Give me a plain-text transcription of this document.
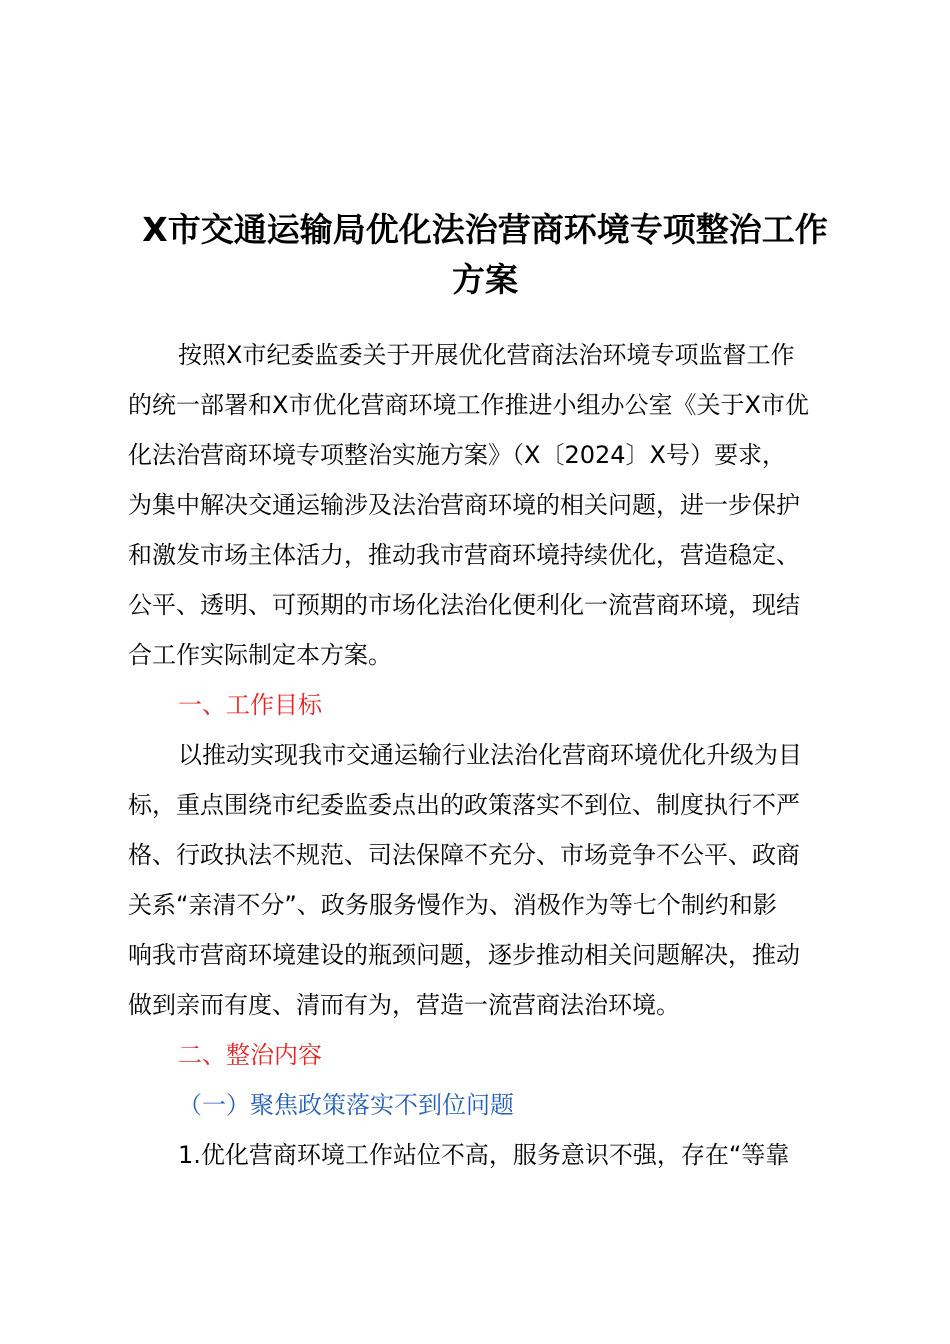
X市交通运输局优化法治营商环境专项整治工作
方案
按照X市纪委监委关于开展优化营商法治环境专项监督工作
的统一部署和X市优化营商环境工作推进小组办公室《关于X市优
化法治营商环境专项整治实施方案》（X〔2024〕X号）要求，
为集中解决交通运输涉及法治营商环境的相关问题，进一步保护
和激发市场主体活力，推动我市营商环境持续优化，营造稳定、
公平、透明、可预期的市场化法治化便利化一流营商环境，现结
合工作实际制定本方案。
一、工作目标
以推动实现我市交通运输行业法治化营商环境优化升级为目
标，重点围绕市纪委监委点出的政策落实不到位、制度执行不严
格、行政执法不规范、司法保障不充分、市场竞争不公平、政商
关系“亲清不分”、政务服务慢作为、消极作为等七个制约和影
响我市营商环境建设的瓶颈问题，逐步推动相关问题解决，推动
做到亲而有度、清而有为，营造一流营商法治环境。
二、整治内容
（一）聚焦政策落实不到位问题
1.优化营商环境工作站位不高，服务意识不强，存在“等靠
